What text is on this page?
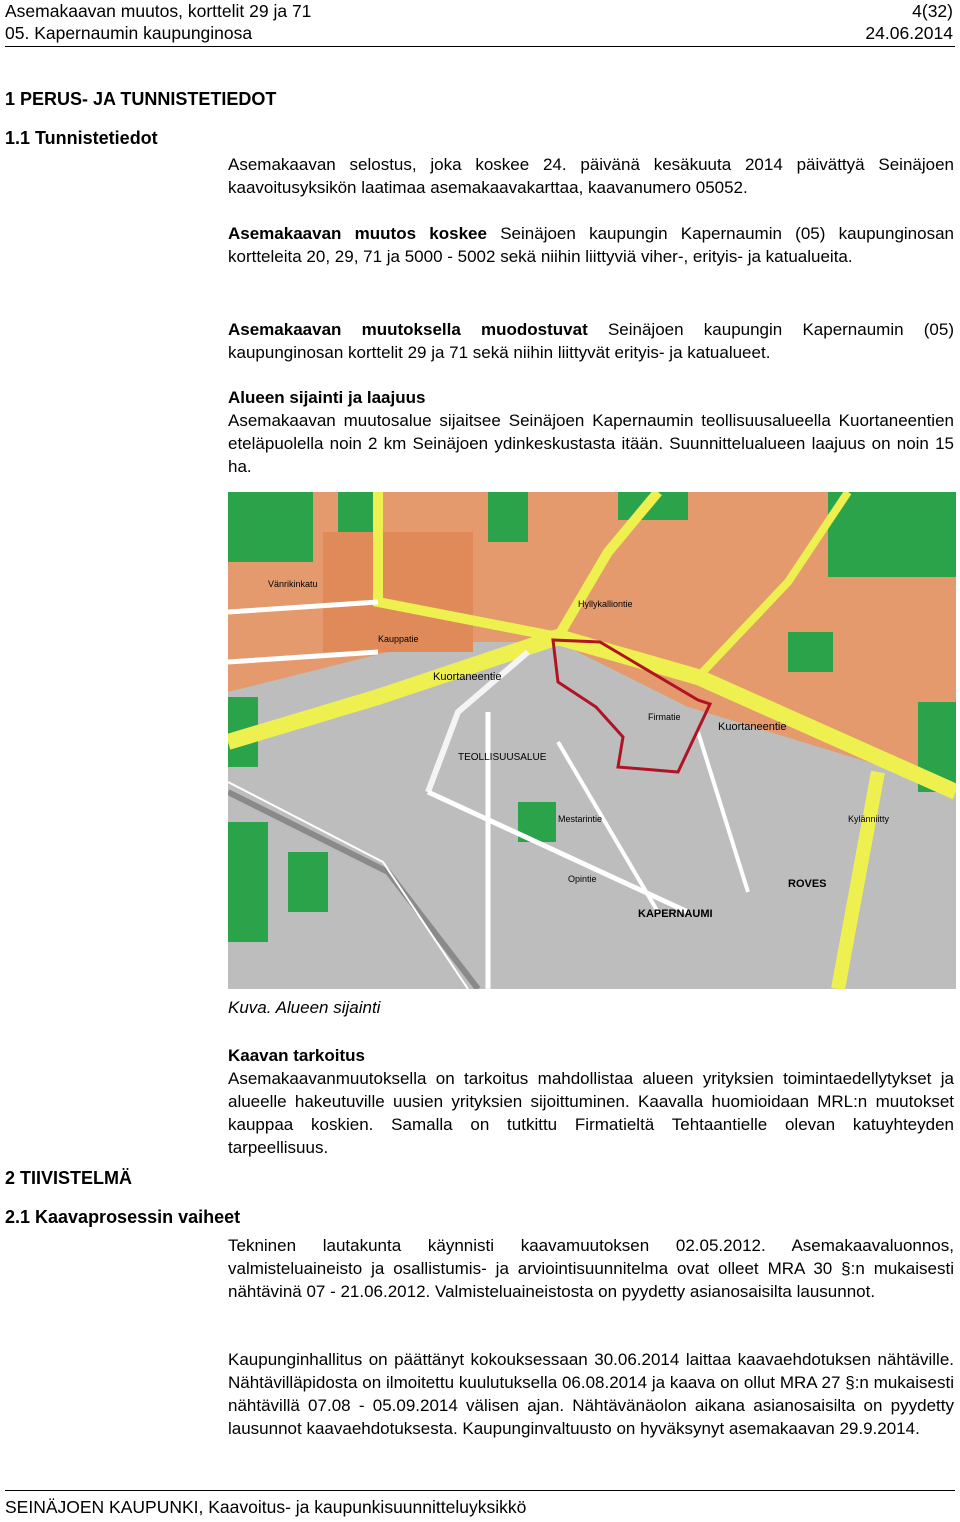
Asemakaavan muutos, korttelit 29 ja 71
05. Kapernaumin kaupunginosa
4(32)
24.06.2014
1 PERUS- JA TUNNISTETIEDOT
1.1 Tunnistetiedot
Asemakaavan selostus, joka koskee 24. päivänä kesäkuuta 2014 päivättyä Seinäjoen kaavoitusyksikön laatimaa asemakaavakarttaa, kaavanumero 05052.
Asemakaavan muutos koskee Seinäjoen kaupungin Kapernaumin (05) kaupunginosan kortteleita 20, 29, 71 ja 5000 - 5002 sekä niihin liittyviä viher-, erityis- ja katualueita.
Asemakaavan muutoksella muodostuvat Seinäjoen kaupungin Kapernaumin (05) kaupunginosan korttelit 29 ja 71 sekä niihin liittyvät erityis- ja katualueet.
Alueen sijainti ja laajuus
Asemakaavan muutosalue sijaitsee Seinäjoen Kapernaumin teollisuusalueella Kuortaneentien eteläpuolella noin 2 km Seinäjoen ydinkeskustasta itään. Suunnittelualueen laajuus on noin 15 ha.
Kuortaneentie
Kuortaneentie
TEOLLISUUSALUE
KAPERNAUMI
ROVES
Firmatie
Kauppatie
Vänrikinkatu
Hyllykalliontie
Mestarintie
Opintie
Kylänniitty
Kuva. Alueen sijainti
Kaavan tarkoitus
Asemakaavanmuutoksella on tarkoitus mahdollistaa alueen yrityksien toimintaedellytykset ja alueelle hakeutuville uusien yrityksien sijoittuminen. Kaavalla huomioidaan MRL:n muutokset kauppaa koskien. Samalla on tutkittu Firmatieltä Tehtaantielle olevan katuyhteyden tarpeellisuus.
2 TIIVISTELMÄ
2.1 Kaavaprosessin vaiheet
Tekninen lautakunta käynnisti kaavamuutoksen 02.05.2012. Asemakaavaluonnos, valmisteluaineisto ja osallistumis- ja arviointisuunnitelma ovat olleet MRA 30 §:n mukaisesti nähtävinä 07 - 21.06.2012. Valmisteluaineistosta on pyydetty asianosaisilta lausunnot.
Kaupunginhallitus on päättänyt kokouksessaan 30.06.2014 laittaa kaavaehdotuksen nähtäville. Nähtävilläpidosta on ilmoitettu kuulutuksella 06.08.2014 ja kaava on ollut MRA 27 §:n mukaisesti nähtävillä 07.08 - 05.09.2014 välisen ajan. Nähtävänäolon aikana asianosaisilta on pyydetty lausunnot kaavaehdotuksesta. Kaupunginvaltuusto on hyväksynyt asemakaavan 29.9.2014.
SEINÄJOEN KAUPUNKI, Kaavoitus- ja kaupunkisuunnitteluyksikkö
